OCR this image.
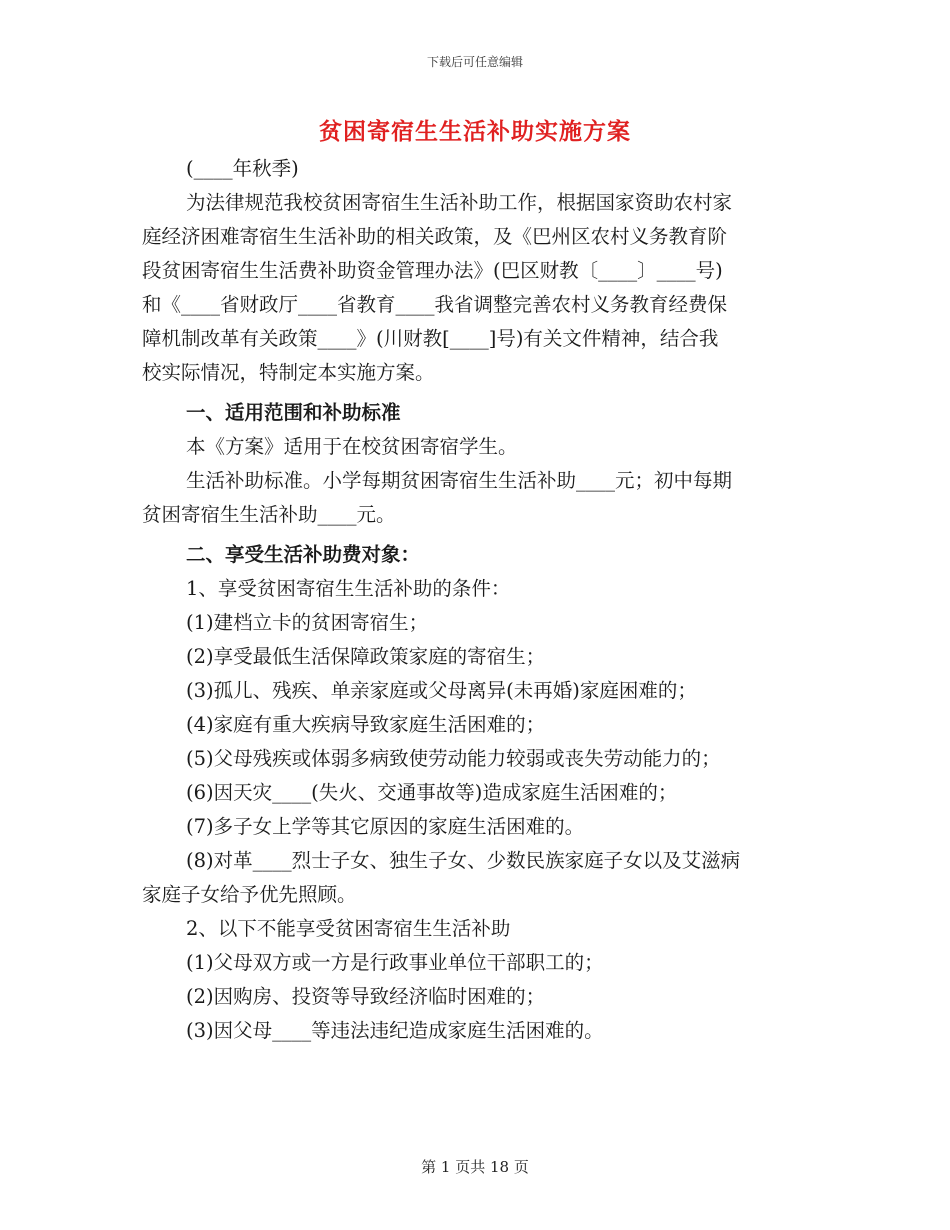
下载后可任意编辑
贫困寄宿生生活补助实施方案
(____年秋季)
为法律规范我校贫困寄宿生生活补助工作，根据国家资助农村家
庭经济困难寄宿生生活补助的相关政策，及《巴州区农村义务教育阶
段贫困寄宿生生活费补助资金管理办法》(巴区财教〔____〕____号)
和《____省财政厅____省教育____我省调整完善农村义务教育经费保
障机制改革有关政策____》(川财教[____]号)有关文件精神，结合我
校实际情况，特制定本实施方案。
一、适用范围和补助标准
本《方案》适用于在校贫困寄宿学生。
生活补助标准。小学每期贫困寄宿生生活补助____元；初中每期
贫困寄宿生生活补助____元。
二、享受生活补助费对象：
1、享受贫困寄宿生生活补助的条件：
(1)建档立卡的贫困寄宿生；
(2)享受最低生活保障政策家庭的寄宿生；
(3)孤儿、残疾、单亲家庭或父母离异(未再婚)家庭困难的；
(4)家庭有重大疾病导致家庭生活困难的；
(5)父母残疾或体弱多病致使劳动能力较弱或丧失劳动能力的；
(6)因天灾____(失火、交通事故等)造成家庭生活困难的；
(7)多子女上学等其它原因的家庭生活困难的。
(8)对革____烈士子女、独生子女、少数民族家庭子女以及艾滋病
家庭子女给予优先照顾。
2、以下不能享受贫困寄宿生生活补助
(1)父母双方或一方是行政事业单位干部职工的；
(2)因购房、投资等导致经济临时困难的；
(3)因父母____等违法违纪造成家庭生活困难的。
第 1 页共 18 页
